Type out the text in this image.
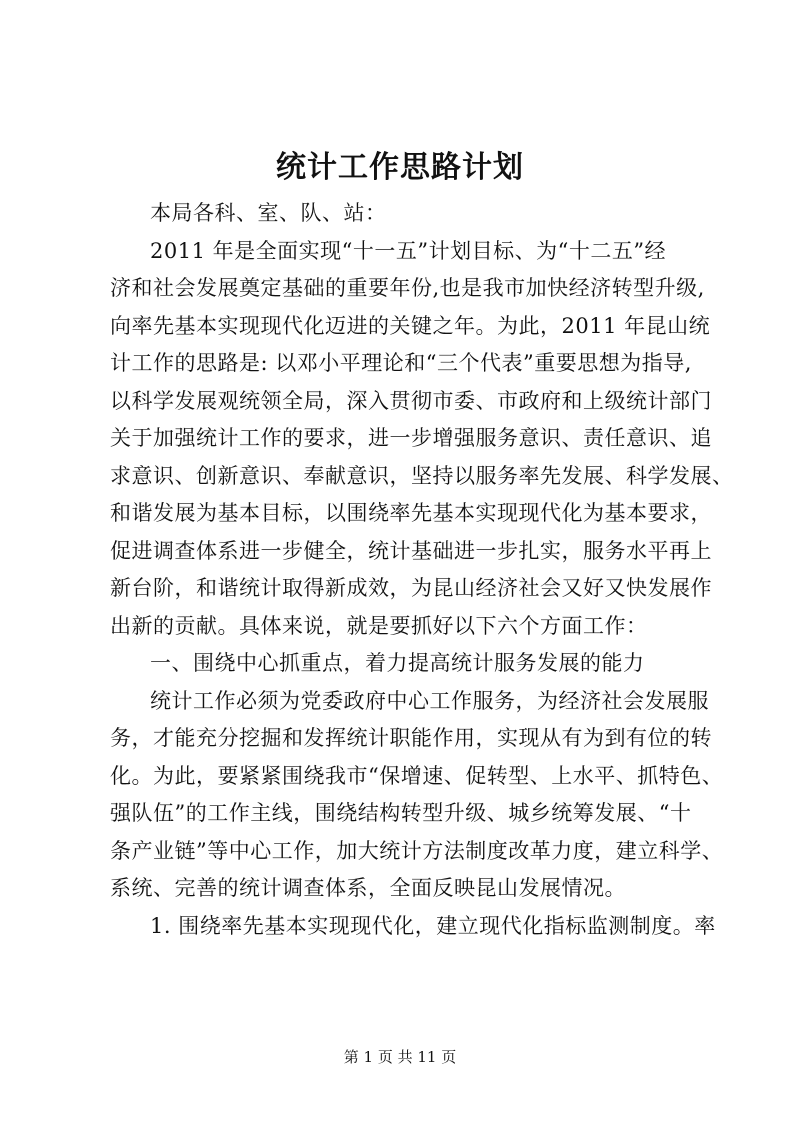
统计工作思路计划
本局各科、室、队、站：
2011 年是全面实现“十一五”计划目标、为“十二五”经
济和社会发展奠定基础的重要年份,也是我市加快经济转型升级,
向率先基本实现现代化迈进的关键之年。为此，2011 年昆山统
计工作的思路是: 以邓小平理论和“三个代表”重要思想为指导,
以科学发展观统领全局，深入贯彻市委、市政府和上级统计部门
关于加强统计工作的要求，进一步增强服务意识、责任意识、追
求意识、创新意识、奉献意识，坚持以服务率先发展、科学发展、
和谐发展为基本目标，以围绕率先基本实现现代化为基本要求，
促进调查体系进一步健全，统计基础进一步扎实，服务水平再上
新台阶，和谐统计取得新成效，为昆山经济社会又好又快发展作
出新的贡献。具体来说，就是要抓好以下六个方面工作：
一、围绕中心抓重点，着力提高统计服务发展的能力
统计工作必须为党委政府中心工作服务，为经济社会发展服
务，才能充分挖掘和发挥统计职能作用，实现从有为到有位的转
化。为此，要紧紧围绕我市“保增速、促转型、上水平、抓特色、
强队伍”的工作主线，围绕结构转型升级、城乡统筹发展、“十
条产业链”等中心工作，加大统计方法制度改革力度，建立科学、
系统、完善的统计调查体系，全面反映昆山发展情况。
1. 围绕率先基本实现现代化，建立现代化指标监测制度。率
第 1 页 共 11 页
